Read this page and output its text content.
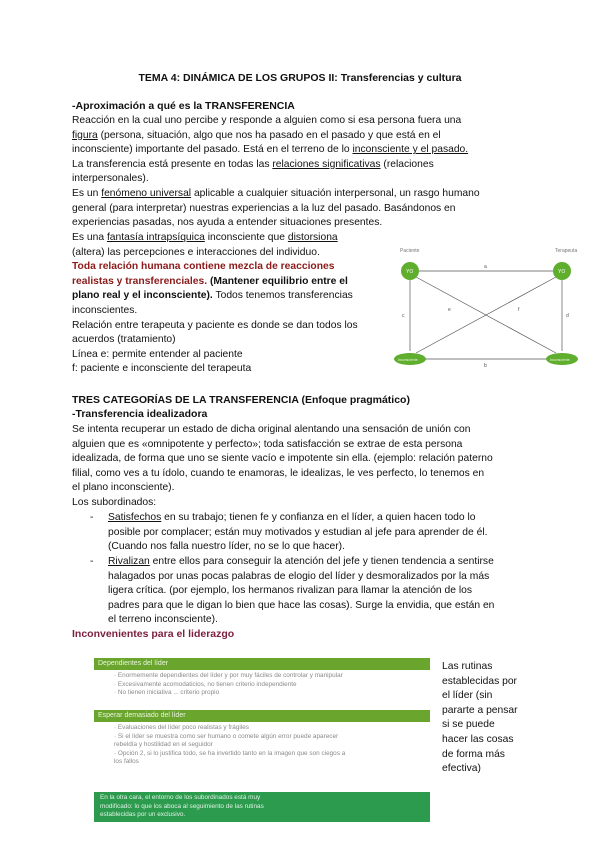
TEMA 4: DINÁMICA DE LOS GRUPOS II: Transferencias y cultura
-Aproximación a qué es la TRANSFERENCIA
Reacción en la cual uno percibe y responde a alguien como si esa persona fuera una
figura (persona, situación, algo que nos ha pasado en el pasado y que está en el
inconsciente) importante del pasado. Está en el terreno de lo inconsciente y el pasado.
La transferencia está presente en todas las relaciones significativas (relaciones
interpersonales).
Es un fenómeno universal aplicable a cualquier situación interpersonal, un rasgo humano
general (para interpretar) nuestras experiencias a la luz del pasado. Basándonos en
experiencias pasadas, nos ayuda a entender situaciones presentes.
Es una fantasía intrapsíquica inconsciente que distorsiona
(altera) las percepciones e interacciones del individuo.
Toda relación humana contiene mezcla de reacciones
realistas y transferenciales. (Mantener equilibrio entre el
plano real y el inconsciente). Todos tenemos transferencias
inconscientes.
Relación entre terapeuta y paciente es donde se dan todos los
acuerdos (tratamiento)
Línea e: permite entender al paciente
f: paciente e inconsciente del terapeuta
Paciente	Terapeuta
a
b
c	d
e	f
YO	YO
Inconsciente	Inconsciente
TRES CATEGORÍAS DE LA TRANSFERENCIA (Enfoque pragmático)
-Transferencia idealizadora
Se intenta recuperar un estado de dicha original alentando una sensación de unión con
alguien que es «omnipotente y perfecto»; toda satisfacción se extrae de esta persona
idealizada, de forma que uno se siente vacío e impotente sin ella. (ejemplo: relación paterno
filial, como ves a tu ídolo, cuando te enamoras, le idealizas, le ves perfecto, lo tenemos en
el plano inconsciente).
Los subordinados:
- Satisfechos en su trabajo; tienen fe y confianza en el líder, a quien hacen todo lo
posible por complacer; están muy motivados y estudian al jefe para aprender de él.
(Cuando nos falla nuestro líder, no se lo que hacer).
- Rivalizan entre ellos para conseguir la atención del jefe y tienen tendencia a sentirse
halagados por unas pocas palabras de elogio del líder y desmoralizados por la más
ligera crítica. (por ejemplo, los hermanos rivalizan para llamar la atención de los
padres para que le digan lo bien que hace las cosas). Surge la envidia, que están en
el terreno inconsciente).
Inconvenientes para el liderazgo
Dependientes del líder
· Enormemente dependientes del líder y por muy fáciles de controlar y manipular
· Excesivamente acomodaticios, no tienen criterio independiente
· No tienen iniciativa ... criterio propio
Esperar demasiado del líder
· Evaluaciones del líder poco realistas y frágiles
· Si el líder se muestra como ser humano o comete algún error puede aparecer
rebeldía y hostilidad en el seguidor
· Opción 2, si lo justifica todo, se ha invertido tanto en la imagen que son ciegos a
los fallos
En la otra cara, el entorno de los subordinados está muy
modificado: lo que los aboca al seguimiento de las rutinas
establecidas por un exclusivo.
Las rutinas
establecidas por
el líder (sin
pararte a pensar
si se puede
hacer las cosas
de forma más
efectiva)
